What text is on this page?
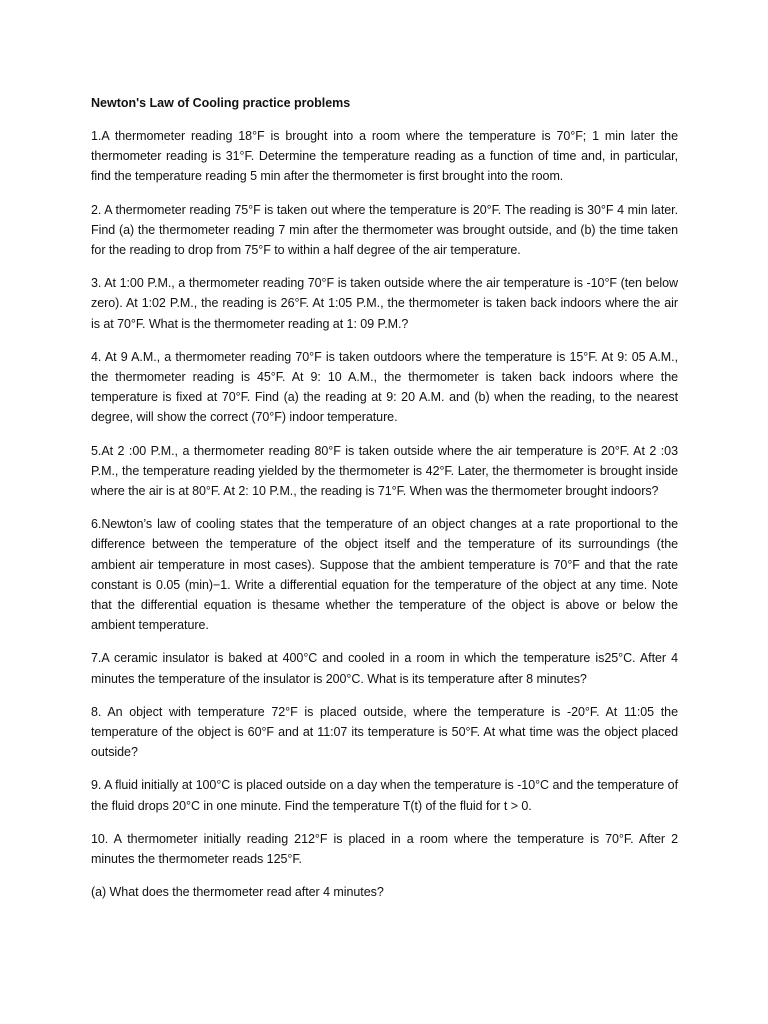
Newton's Law of Cooling practice problems

1.A thermometer reading 18°F is brought into a room where the temperature is 70°F; 1 min later the thermometer reading is 31°F. Determine the temperature reading as a function of time and, in particular, find the temperature reading 5 min after the thermometer is first brought into the room.

2. A thermometer reading 75°F is taken out where the temperature is 20°F. The reading is 30°F 4 min later. Find (a) the thermometer reading 7 min after the thermometer was brought outside, and (b) the time taken for the reading to drop from 75°F to within a half degree of the air temperature.

3. At 1:00 P.M., a thermometer reading 70°F is taken outside where the air temperature is -10°F (ten below zero). At 1:02 P.M., the reading is 26°F. At 1:05 P.M., the thermometer is taken back indoors where the air is at 70°F. What is the thermometer reading at 1: 09 P.M.?

4. At 9 A.M., a thermometer reading 70°F is taken outdoors where the temperature is 15°F. At 9: 05 A.M., the thermometer reading is 45°F. At 9: 10 A.M., the thermometer is taken back indoors where the temperature is fixed at 70°F. Find (a) the reading at 9: 20 A.M. and (b) when the reading, to the nearest degree, will show the correct (70°F) indoor temperature.

5.At 2 :00 P.M., a thermometer reading 80°F is taken outside where the air temperature is 20°F. At 2 :03 P.M., the temperature reading yielded by the thermometer is 42°F. Later, the thermometer is brought inside where the air is at 80°F. At 2: 10 P.M., the reading is 71°F. When was the thermometer brought indoors?

6.Newton’s law of cooling states that the temperature of an object changes at a rate proportional to the difference between the temperature of the object itself and the temperature of its surroundings (the ambient air temperature in most cases). Suppose that the ambient temperature is 70°F and that the rate constant is 0.05 (min)−1. Write a differential equation for the temperature of the object at any time. Note that the differential equation is thesame whether the temperature of the object is above or below the ambient temperature.

7.A ceramic insulator is baked at 400°C and cooled in a room in which the temperature is25°C. After 4 minutes the temperature of the insulator is 200°C. What is its temperature after 8 minutes?

8. An object with temperature 72°F is placed outside, where the temperature is -20°F. At 11:05 the temperature of the object is 60°F and at 11:07 its temperature is 50°F. At what time was the object placed outside?

9. A fluid initially at 100°C is placed outside on a day when the temperature is -10°C and the temperature of the fluid drops 20°C in one minute. Find the temperature T(t) of the fluid for t > 0.

10. A thermometer initially reading 212°F is placed in a room where the temperature is 70°F. After 2 minutes the thermometer reads 125°F.

(a) What does the thermometer read after 4 minutes?
